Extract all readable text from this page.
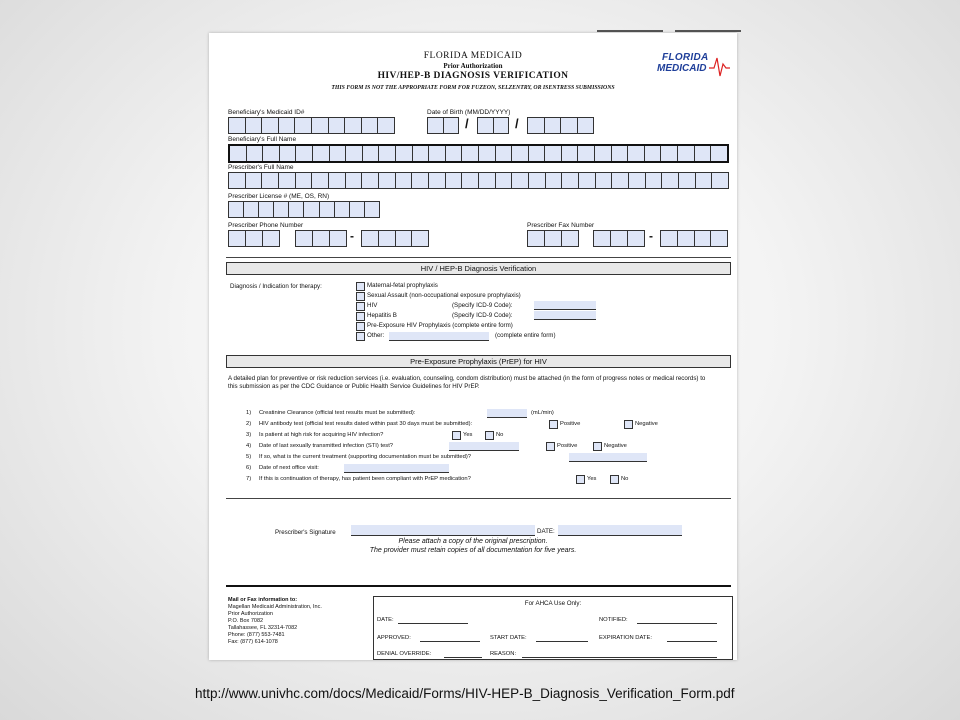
FLORIDA MEDICAID
Prior Authorization
HIV/HEP-B DIAGNOSIS VERIFICATION
THIS FORM IS NOT THE APPROPRIATE FORM FOR FUZEON, SELZENTRY, OR ISENTRESS SUBMISSIONS
FLORIDA
MEDICAID
Beneficiary's Medicaid ID#	Date of Birth (MM/DD/YYYY)
/	/
Beneficiary's Full Name
Prescriber's Full Name
Prescriber License # (ME, OS, RN)
Prescriber Phone Number
-
Prescriber Fax Number
-
HIV / HEP-B Diagnosis Verification
Diagnosis / Indication for therapy:	Maternal-fetal prophylaxis
Sexual Assault (non-occupational exposure prophylaxis)
HIV	(Specify ICD-9 Code):
Hepatitis B	(Specify ICD-9 Code):
Pre-Exposure HIV Prophylaxis (complete entire form)
Other:	(complete entire form)
Pre-Exposure Prophylaxis (PrEP) for HIV
A detailed plan for preventive or risk reduction services (i.e. evaluation, counseling, condom distribution) must be attached (in the form of progress notes or medical records) to this submission as per the CDC Guidance or Public Health Service Guidelines for HIV PrEP.
1) Creatinine Clearance (official test results must be submitted):	(mL/min)
2) HIV antibody test (official test results dated within past 30 days must be submitted):	Positive	Negative
3) Is patient at high risk for acquiring HIV infection?	Yes	No
4) Date of last sexually transmitted infection (STI) test?	Positive	Negative
5) If so, what is the current treatment (supporting documentation must be submitted)?
6) Date of next office visit:
7) If this is continuation of therapy, has patient been compliant with PrEP medication?	Yes	No
Prescriber's Signature	DATE:
Please attach a copy of the original prescription.
The provider must retain copies of all documentation for five years.
Mail or Fax information to:
Magellan Medicaid Administration, Inc.
Prior Authorization
P.O. Box 7082
Tallahassee, FL 32314-7082
Phone: (877) 553-7481
Fax: (877) 614-1078
For AHCA Use Only:
DATE:	NOTIFIED:
APPROVED:	START DATE:	EXPIRATION DATE:
DENIAL OVERRIDE:	REASON:
http://www.univhc.com/docs/Medicaid/Forms/HIV-HEP-B_Diagnosis_Verification_Form.pdf
